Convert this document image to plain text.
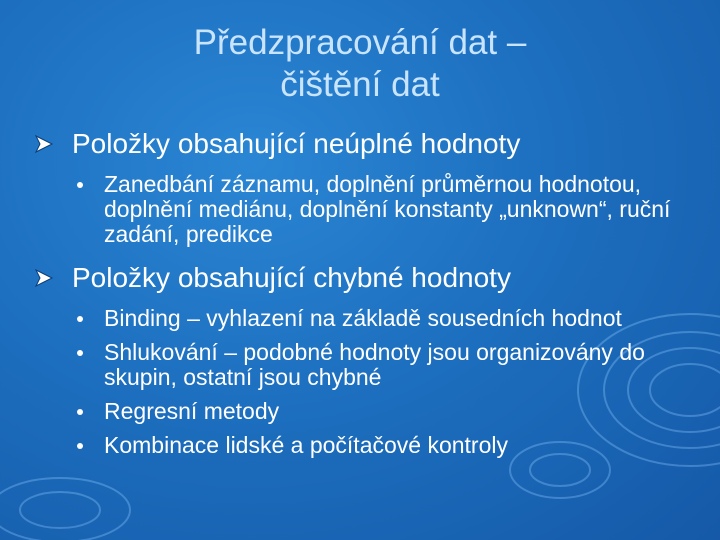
Předzpracování dat –
čištění dat
Položky obsahující neúplné hodnoty
Zanedbání záznamu, doplnění průměrnou hodnotou, doplnění mediánu, doplnění konstanty „unknown“, ruční zadání, predikce
Položky obsahující chybné hodnoty
Binding – vyhlazení na základě sousedních hodnot
Shlukování – podobné hodnoty jsou organizovány do skupin, ostatní jsou chybné
Regresní metody
Kombinace lidské a počítačové kontroly
